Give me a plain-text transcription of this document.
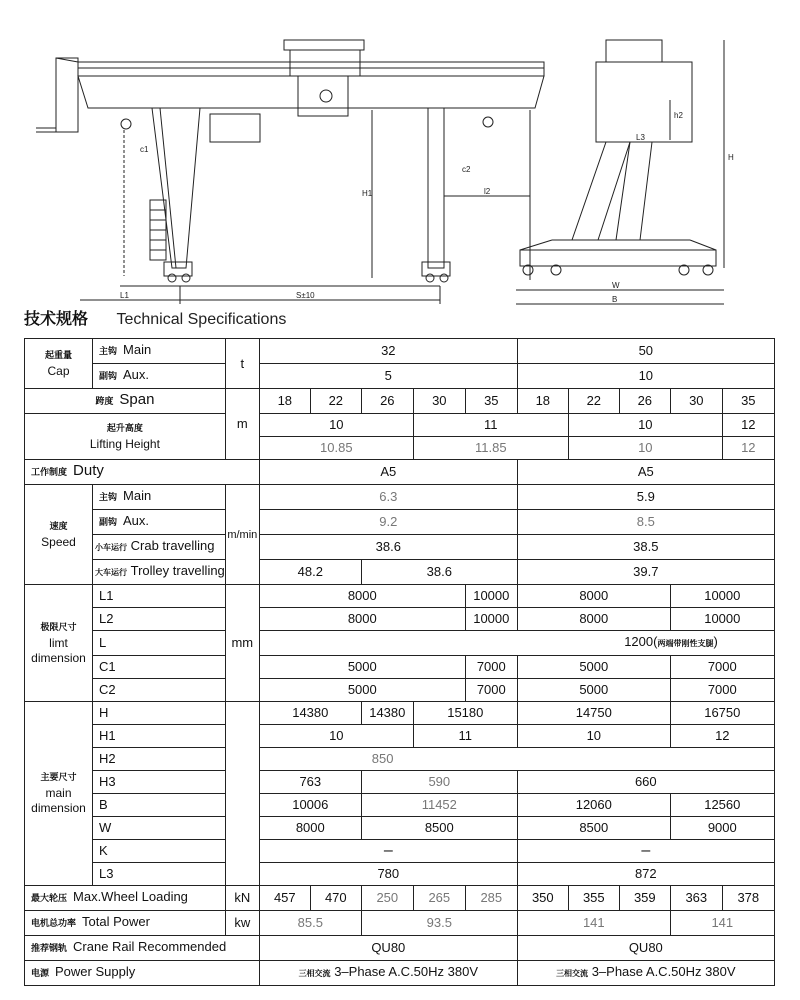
c1
c2
H1	l2
L1	S±10
W
B
H
h2
L3
技术规格 Technical Specifications
起重量
Cap	主钩 Main	t	32					50				
	副钩 Aux.		5					10				
跨度 Span		m	18	22	26	30	35	18	22	26	30	35

起升高度
Lifting Height			10			11			10			12
			10.85			11.85			10			12
工作制度 Duty			A5					A5				

速度
Speed	主钩 Main	m/min	6.3					5.9				
	副钩 Aux.		9.2					8.5				
	小车运行 Crab travelling		38.6					38.5				
	大车运行 Trolley travelling		48.2		38.6			39.7				

极限尺寸
limt dimension	L1	mm	8000				10000	8000			10000	
	L2		8000				10000	8000			10000	
	L		1200(两端带刚性支腿)									
	C1		5000				7000	5000			7000	
	C2		5000				7000	5000			7000	

主要尺寸
main dimension	H		14380		14380	15180		14750			16750	
	H1		10			11		10			12	
	H2		850									
	H3		763		590			660				
	B		10006		11452			12060			12560	
	W		8000		8500			8500			9000	
	K		–					–				
	L3		780					872				
最大轮压 Max.Wheel Loading		kN	457	470	250	265	285	350	355	359	363	378
电机总功率 Total Power		kw	85.5		93.5			141			141	
推荐钢轨 Crane Rail Recommended			QU80					QU80				
电源 Power Supply			三相交流 3–Phase A.C.50Hz 380V					三相交流 3–Phase A.C.50Hz 380V				
